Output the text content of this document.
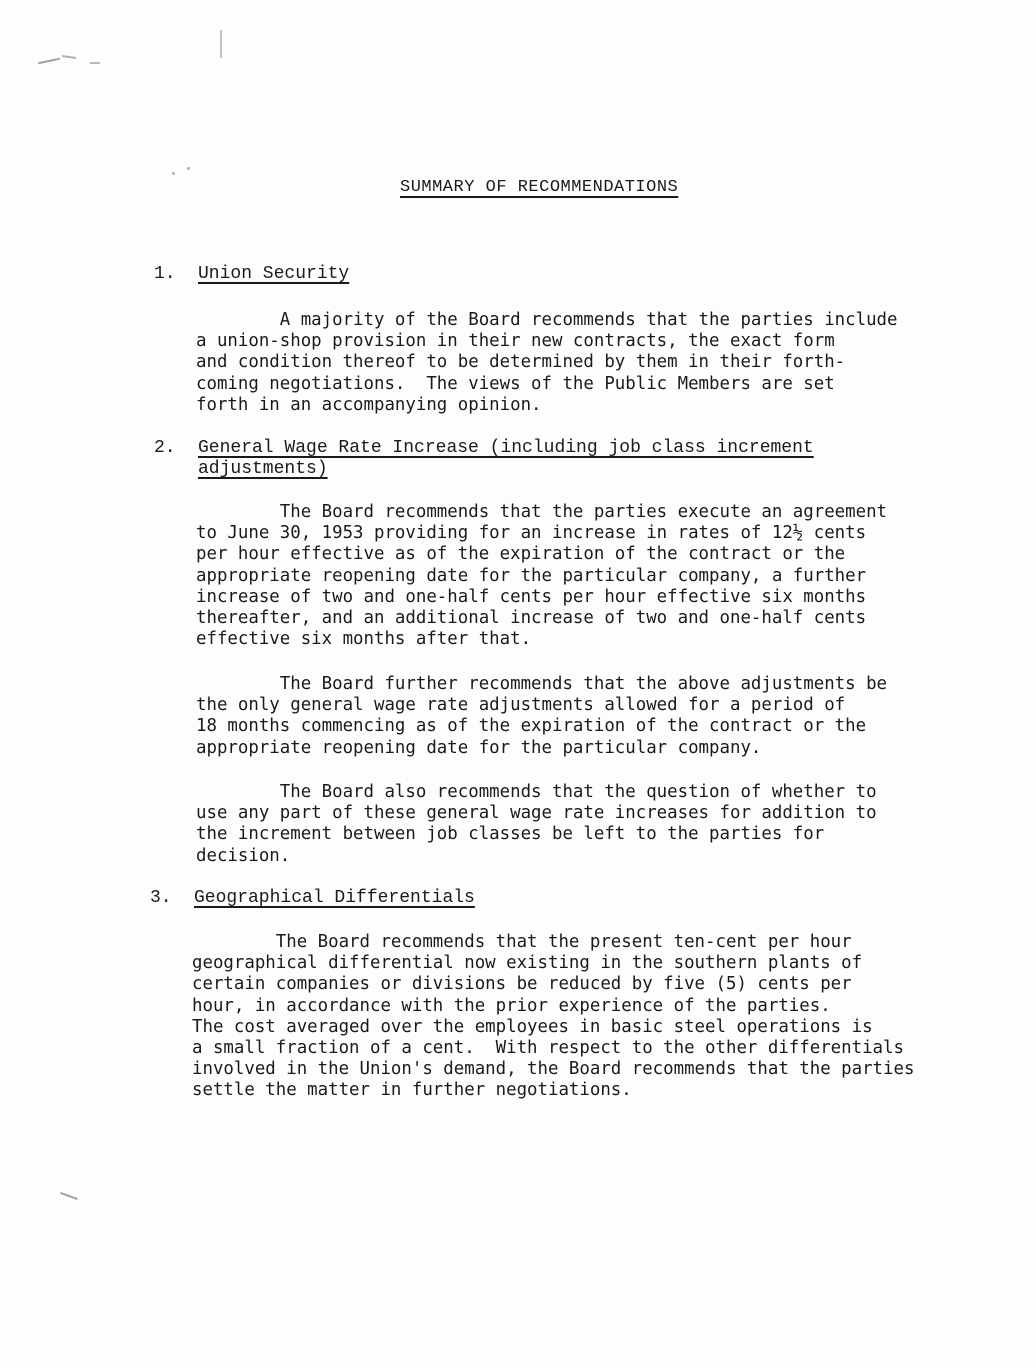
SUMMARY OF RECOMMENDATIONS
1. Union Security
A majority of the Board recommends that the parties include
a union-shop provision in their new contracts, the exact form
and condition thereof to be determined by them in their forth-
coming negotiations.  The views of the Public Members are set
forth in an accompanying opinion.
2. General Wage Rate Increase (including job class increment
adjustments)
The Board recommends that the parties execute an agreement
to June 30, 1953 providing for an increase in rates of 12½ cents
per hour effective as of the expiration of the contract or the
appropriate reopening date for the particular company, a further
increase of two and one-half cents per hour effective six months
thereafter, and an additional increase of two and one-half cents
effective six months after that.
The Board further recommends that the above adjustments be
the only general wage rate adjustments allowed for a period of
18 months commencing as of the expiration of the contract or the
appropriate reopening date for the particular company.
The Board also recommends that the question of whether to
use any part of these general wage rate increases for addition to
the increment between job classes be left to the parties for
decision.
3. Geographical Differentials
The Board recommends that the present ten-cent per hour
geographical differential now existing in the southern plants of
certain companies or divisions be reduced by five (5) cents per
hour, in accordance with the prior experience of the parties.
The cost averaged over the employees in basic steel operations is
a small fraction of a cent.  With respect to the other differentials
involved in the Union's demand, the Board recommends that the parties
settle the matter in further negotiations.
